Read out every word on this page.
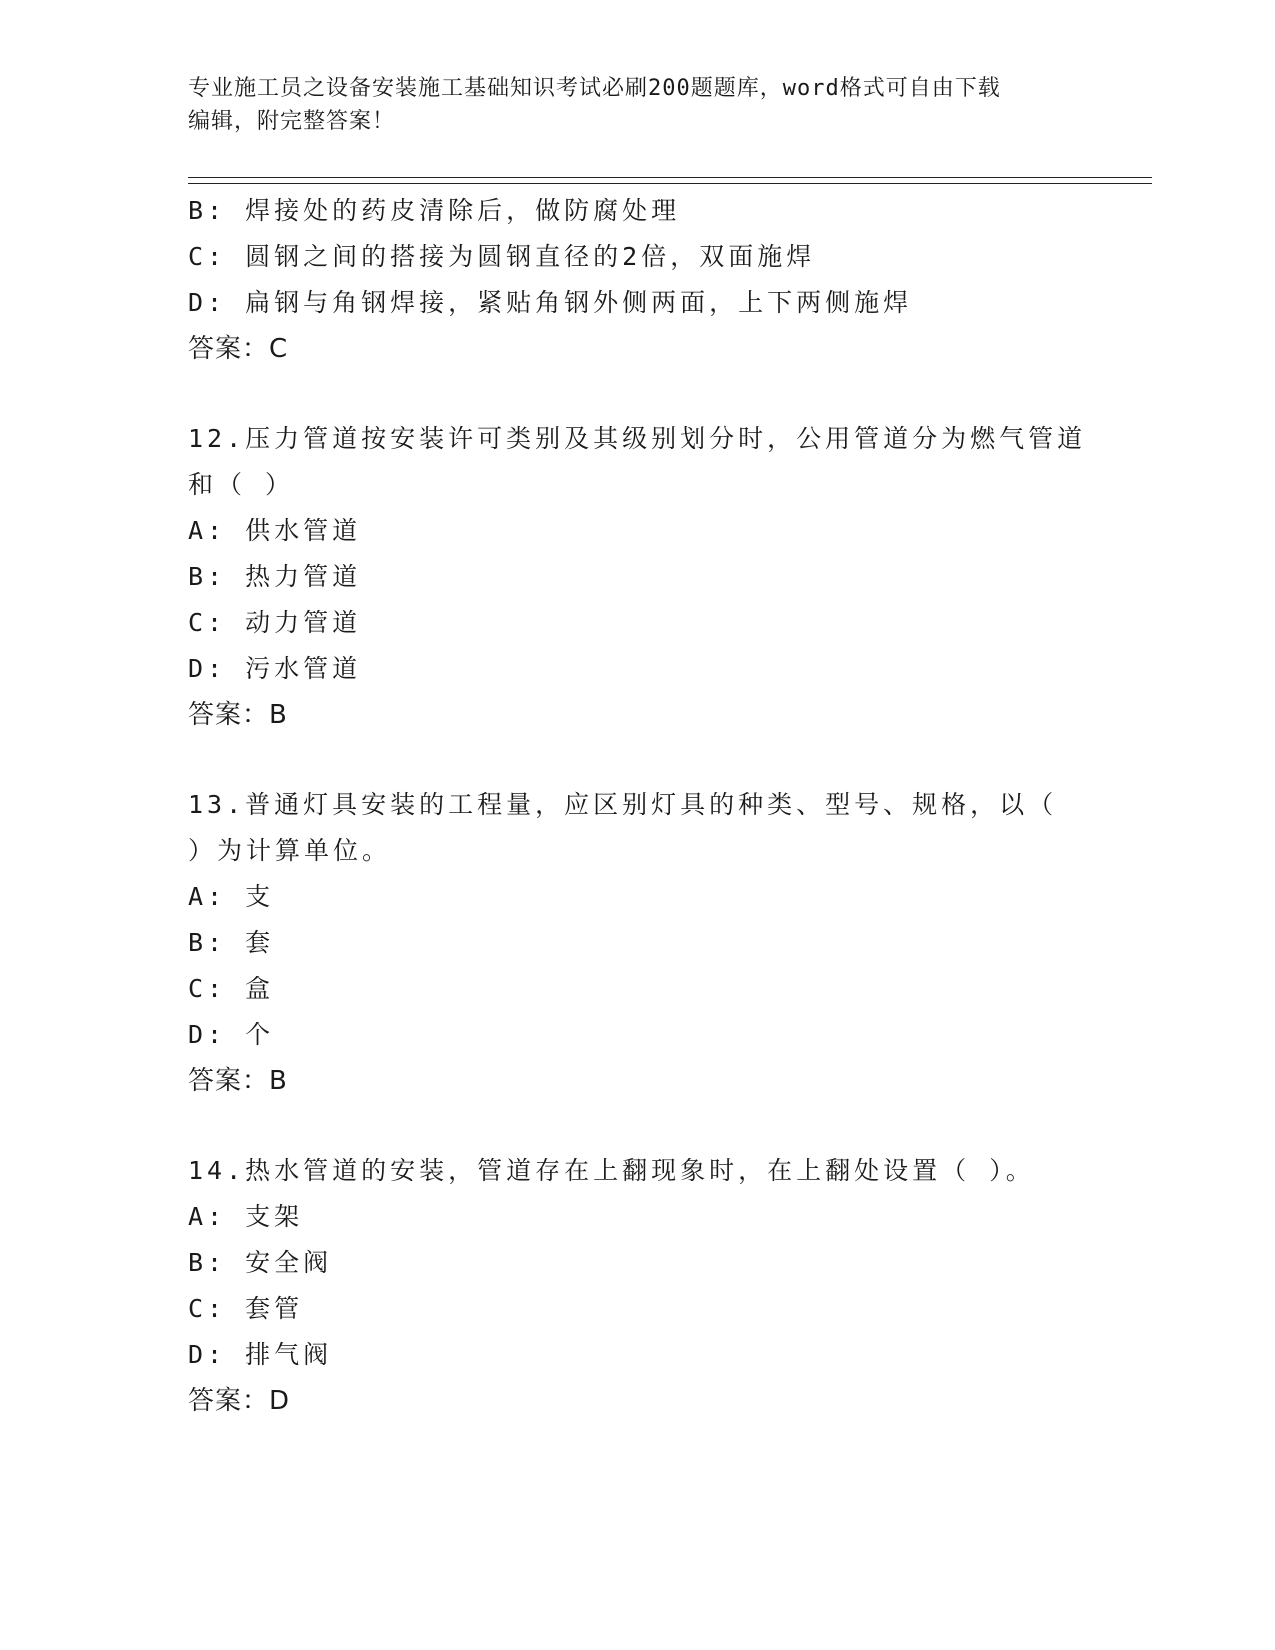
专业施工员之设备安装施工基础知识考试必刷200题题库，word格式可自由下载
编辑，附完整答案！
B: 焊接处的药皮清除后，做防腐处理
C: 圆钢之间的搭接为圆钢直径的2倍，双面施焊
D: 扁钢与角钢焊接，紧贴角钢外侧两面，上下两侧施焊
答案：C
12.压力管道按安装许可类别及其级别划分时，公用管道分为燃气管道
和（ ）
A: 供水管道
B: 热力管道
C: 动力管道
D: 污水管道
答案：B
13.普通灯具安装的工程量，应区别灯具的种类、型号、规格，以（
）为计算单位。
A: 支
B: 套
C: 盒
D: 个
答案：B
14.热水管道的安装，管道存在上翻现象时，在上翻处设置（ ）。
A: 支架
B: 安全阀
C: 套管
D: 排气阀
答案：D
